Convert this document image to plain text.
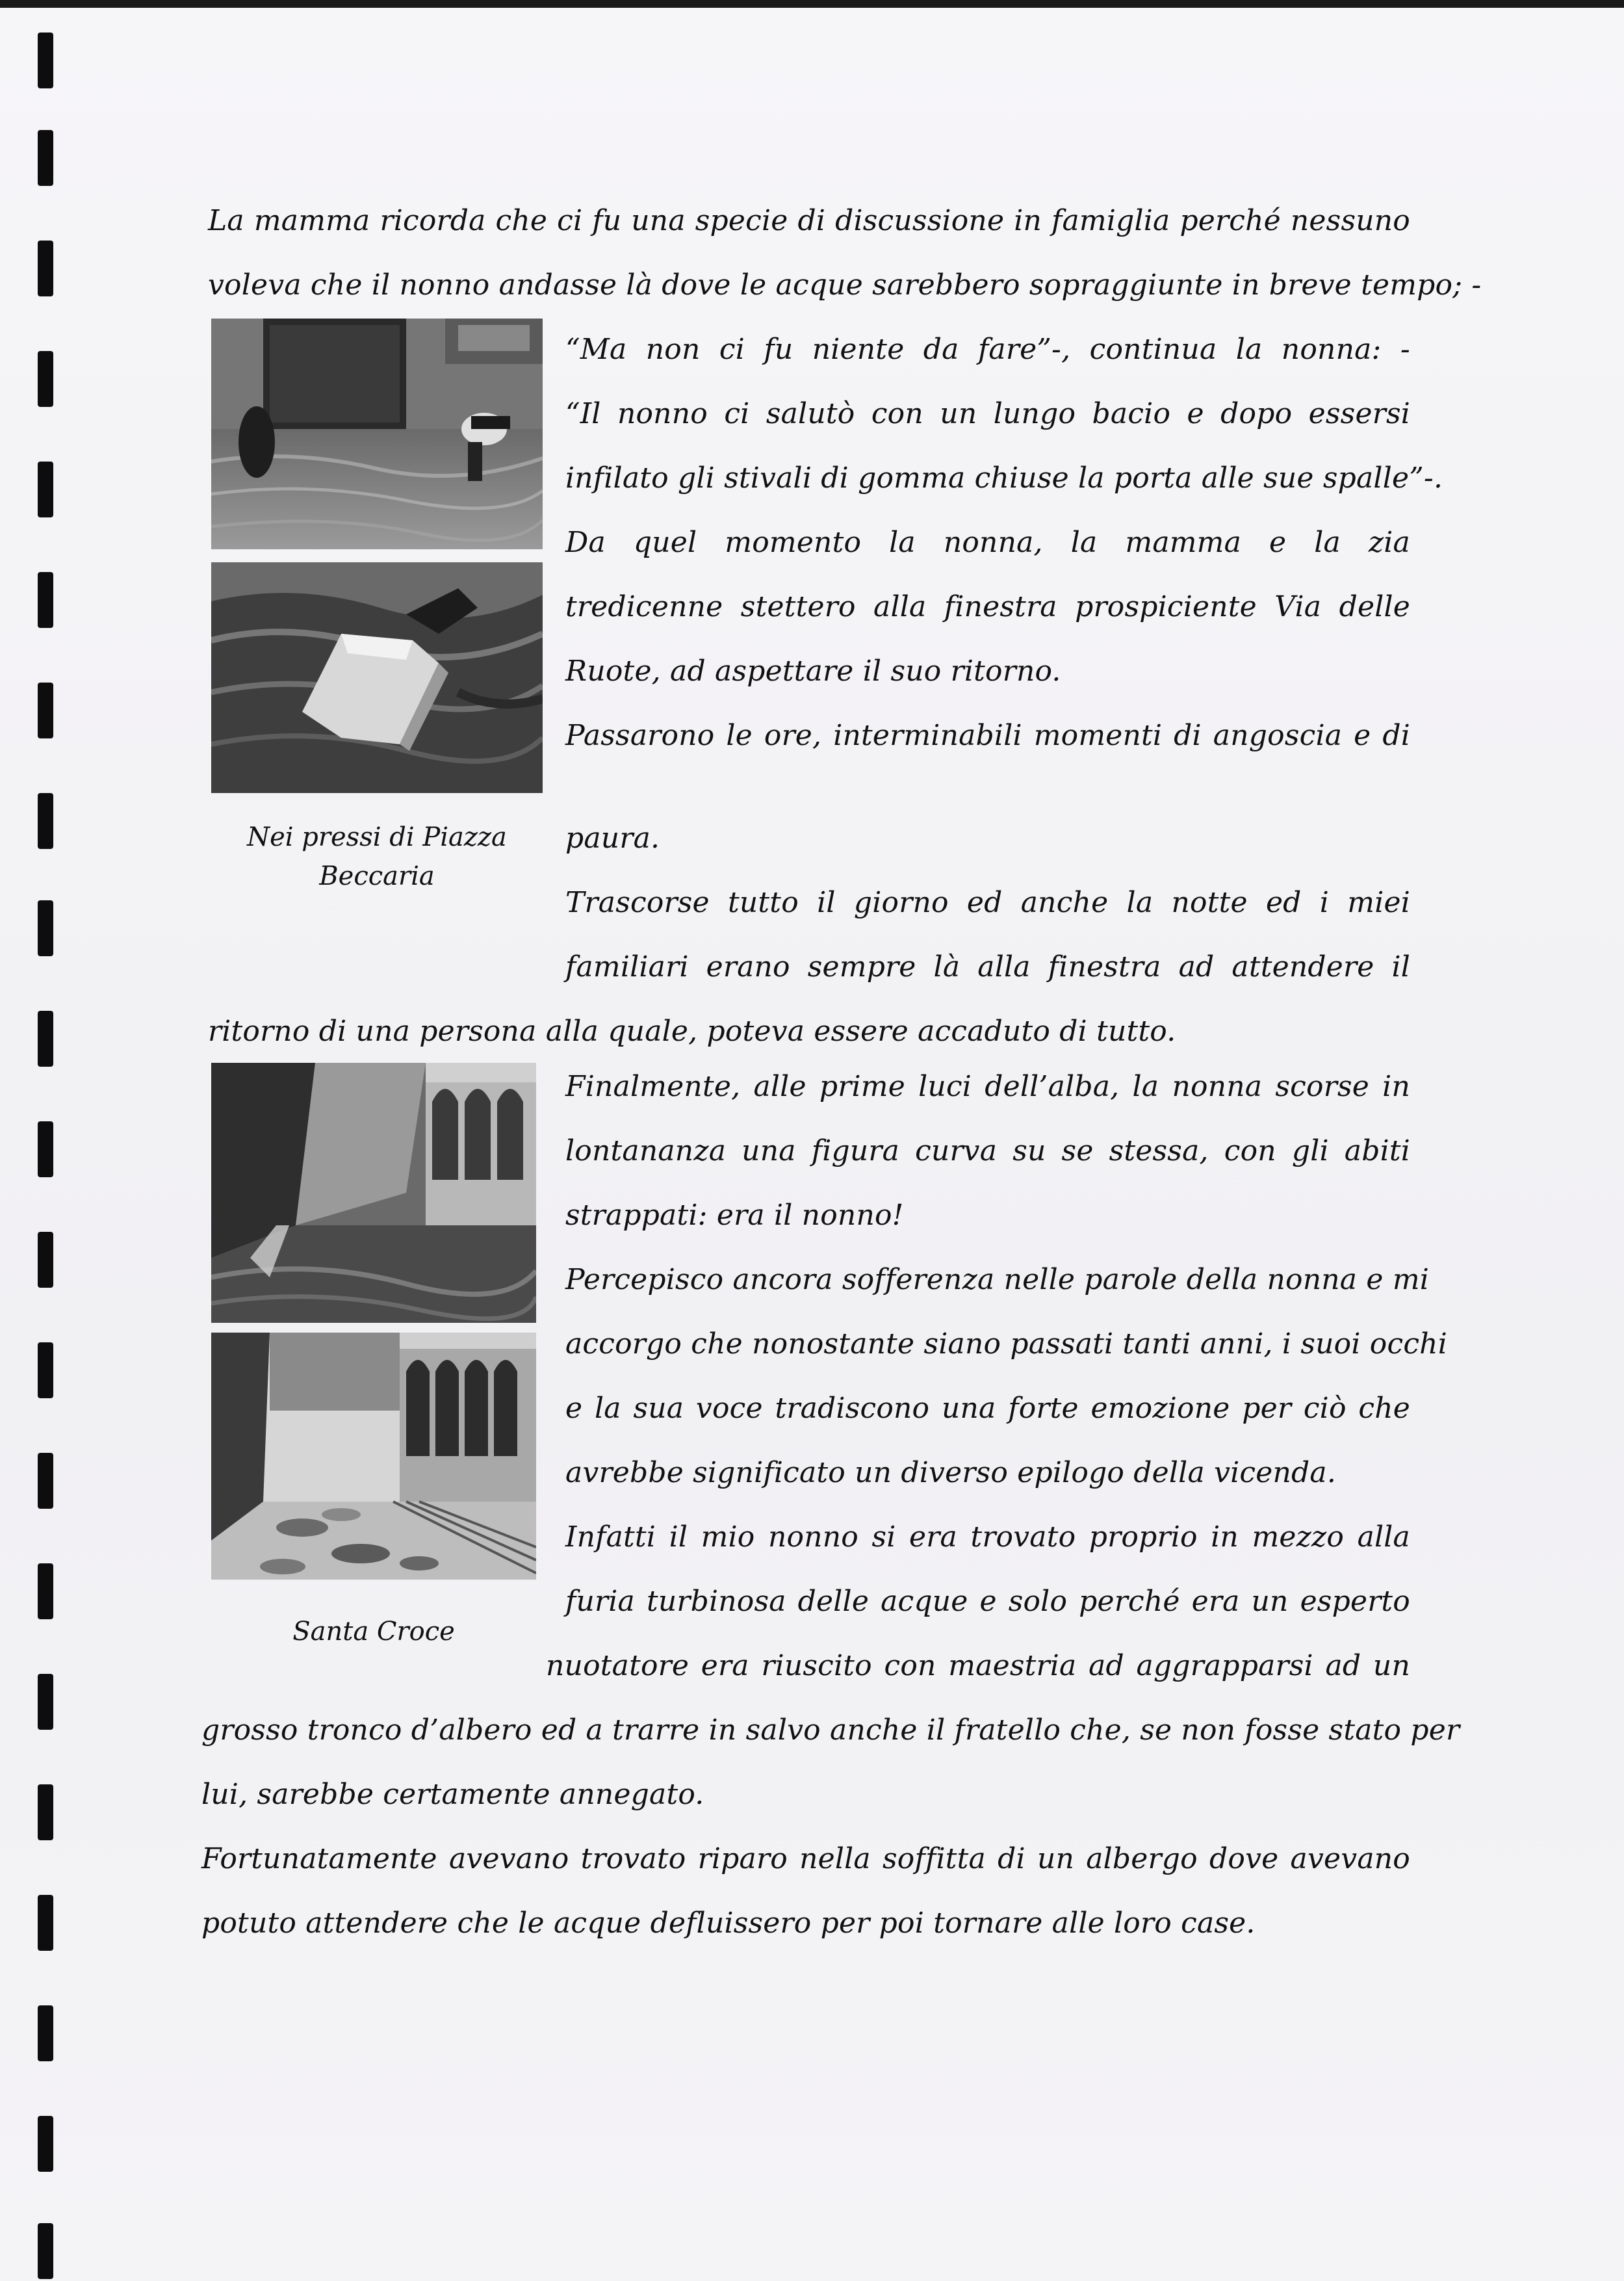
La mamma ricorda che ci fu una specie di discussione in famiglia perché nessuno
voleva che il nonno andasse là dove le acque sarebbero sopraggiunte in breve tempo; -
“Ma non ci fu niente da fare”-, continua la nonna: -
“Il nonno ci salutò con un lungo bacio e dopo essersi
infilato gli stivali di gomma chiuse la porta alle sue spalle”-.
Da quel momento la nonna, la mamma e la zia
tredicenne stettero alla finestra prospiciente Via delle
Ruote, ad aspettare il suo ritorno.
Passarono le ore, interminabili momenti di angoscia e di
paura.
Trascorse tutto il giorno ed anche la notte ed i miei
familiari erano sempre là alla finestra ad attendere il
ritorno di una persona alla quale, poteva essere accaduto di tutto.
Finalmente, alle prime luci dell’alba, la nonna scorse in
lontananza una figura curva su se stessa, con gli abiti
strappati: era il nonno!
Percepisco ancora sofferenza nelle parole della nonna e mi
accorgo che nonostante siano passati tanti anni, i suoi occhi
e la sua voce tradiscono una forte emozione per ciò che
avrebbe significato un diverso epilogo della vicenda.
Infatti il mio nonno si era trovato proprio in mezzo alla
furia turbinosa delle acque e solo perché era un esperto
nuotatore era riuscito con maestria ad aggrapparsi ad un
grosso tronco d’albero ed a trarre in salvo anche il fratello che, se non fosse stato per
lui, sarebbe certamente annegato.
Fortunatamente avevano trovato riparo nella soffitta di un albergo dove avevano
potuto attendere che le acque defluissero per poi tornare alle loro case.
Nei pressi di Piazza
Beccaria
Santa Croce
